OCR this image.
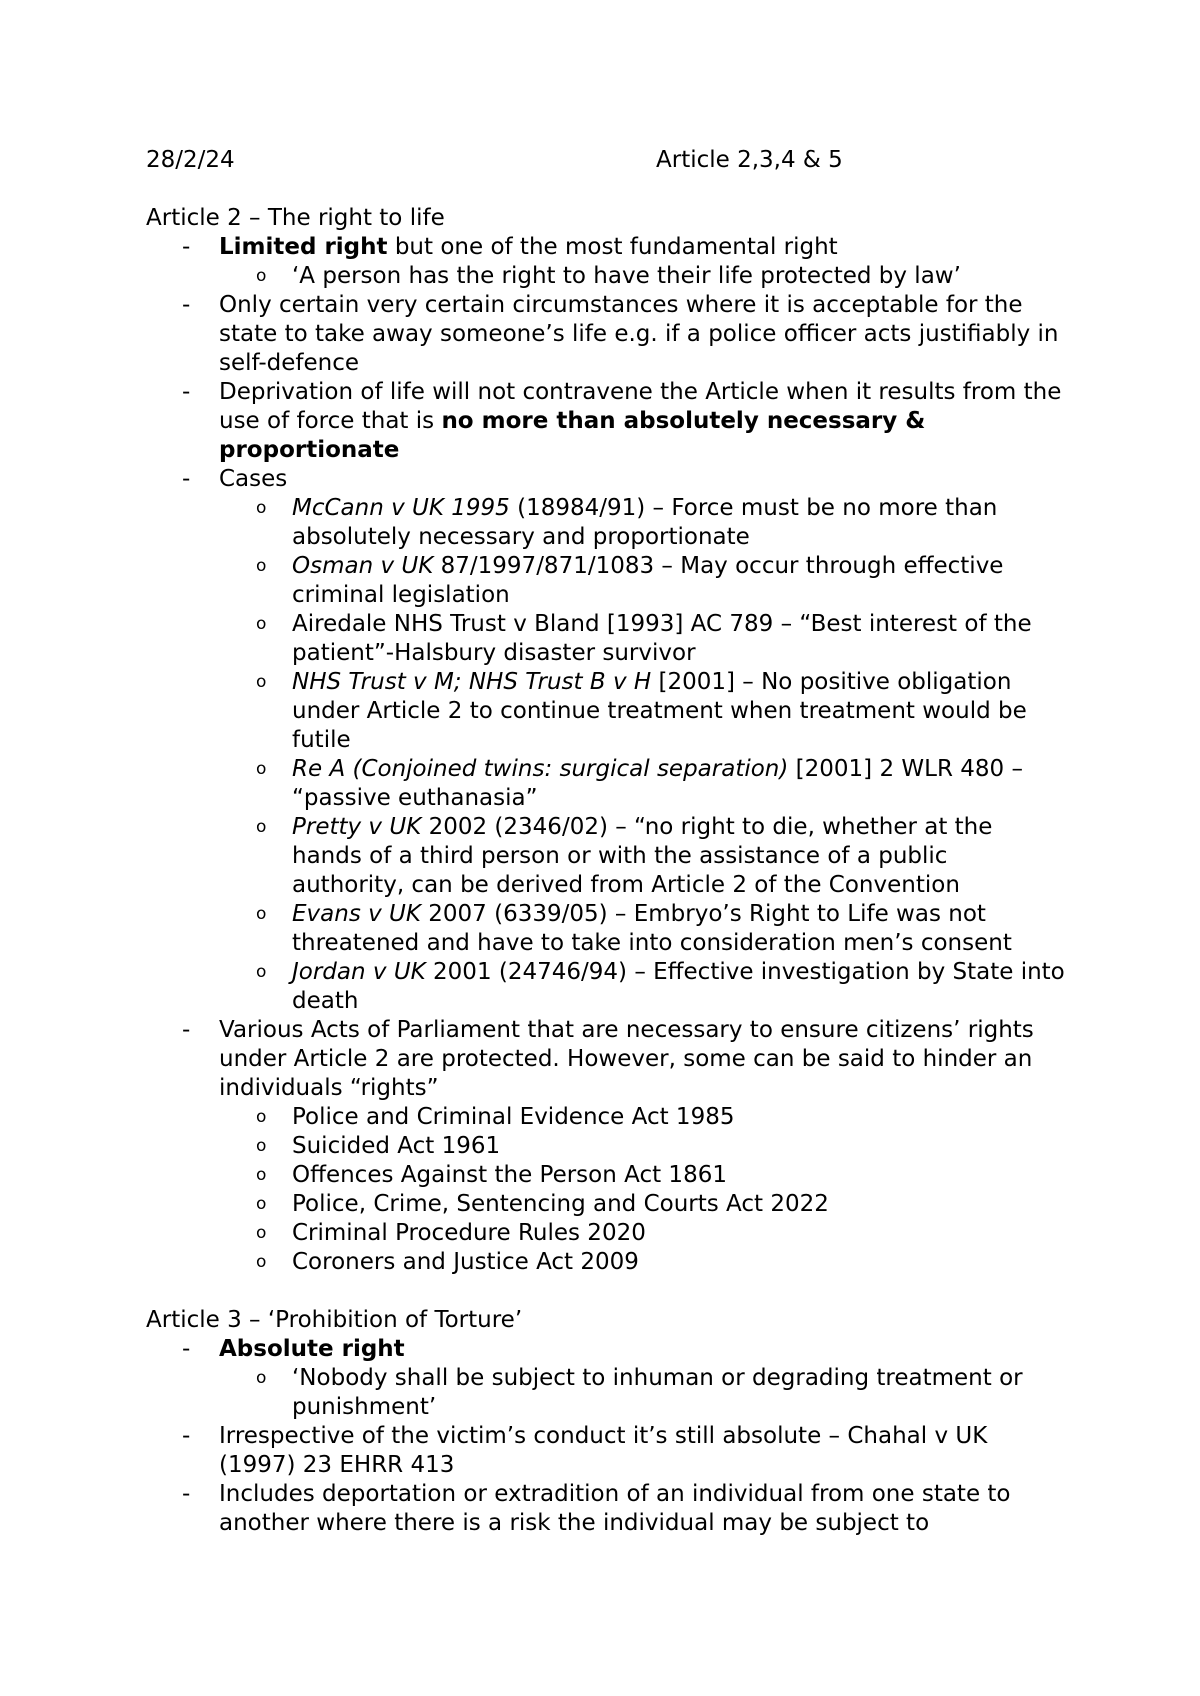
28/2/24	Article 2,3,4 & 5
Article 2 – The right to life
- Limited right but one of the most fundamental right
o ‘A person has the right to have their life protected by law’
- Only certain very certain circumstances where it is acceptable for the state to take away someone’s life e.g. if a police officer acts justifiably in self-defence
- Deprivation of life will not contravene the Article when it results from the use of force that is no more than absolutely necessary & proportionate
- Cases
o McCann v UK 1995 (18984/91) – Force must be no more than absolutely necessary and proportionate
o Osman v UK 87/1997/871/1083 – May occur through effective criminal legislation
o Airedale NHS Trust v Bland [1993] AC 789 – “Best interest of the patient”-Halsbury disaster survivor
o NHS Trust v M; NHS Trust B v H [2001] – No positive obligation under Article 2 to continue treatment when treatment would be futile
o Re A (Conjoined twins: surgical separation) [2001] 2 WLR 480 – “passive euthanasia”
o Pretty v UK 2002 (2346/02) – “no right to die, whether at the hands of a third person or with the assistance of a public authority, can be derived from Article 2 of the Convention
o Evans v UK 2007 (6339/05) – Embryo’s Right to Life was not threatened and have to take into consideration men’s consent
o Jordan v UK 2001 (24746/94) – Effective investigation by State into death
- Various Acts of Parliament that are necessary to ensure citizens’ rights under Article 2 are protected. However, some can be said to hinder an individuals “rights”
o Police and Criminal Evidence Act 1985
o Suicided Act 1961
o Offences Against the Person Act 1861
o Police, Crime, Sentencing and Courts Act 2022
o Criminal Procedure Rules 2020
o Coroners and Justice Act 2009
Article 3 – ‘Prohibition of Torture’
- Absolute right
o ‘Nobody shall be subject to inhuman or degrading treatment or punishment’
- Irrespective of the victim’s conduct it’s still absolute – Chahal v UK (1997) 23 EHRR 413
- Includes deportation or extradition of an individual from one state to another where there is a risk the individual may be subject to
